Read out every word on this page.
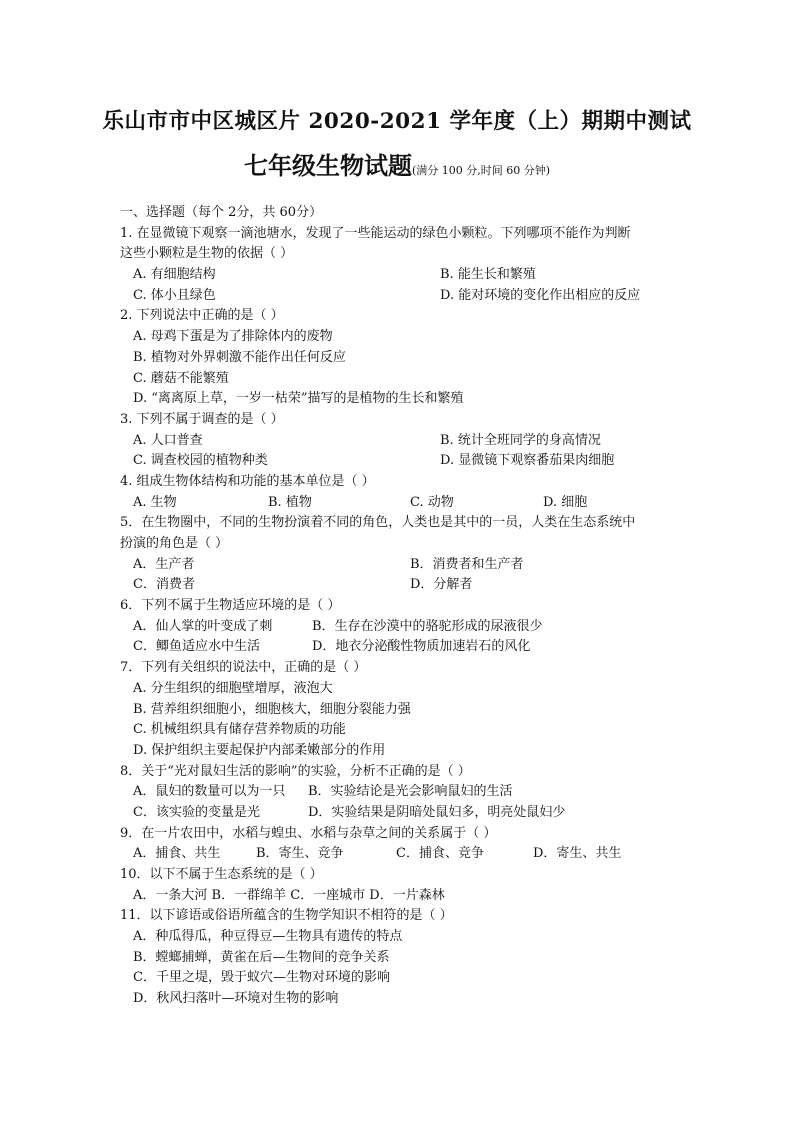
乐山市市中区城区片 2020-2021 学年度（上）期期中测试
七年级生物试题(满分 100 分,时间 60 分钟)
一、选择题（每个 2分，共 60分）
1. 在显微镜下观察一滴池塘水，发现了一些能运动的绿色小颗粒。下列哪项不能作为判断
这些小颗粒是生物的依据（ ）
A. 有细胞结构	B. 能生长和繁殖
C. 体小且绿色	D. 能对环境的变化作出相应的反应
2. 下列说法中正确的是（ ）
A. 母鸡下蛋是为了排除体内的废物
B. 植物对外界刺激不能作出任何反应
C. 蘑菇不能繁殖
D. “离离原上草，一岁一枯荣”描写的是植物的生长和繁殖
3. 下列不属于调查的是（ ）
A. 人口普查	B. 统计全班同学的身高情况
C. 调查校园的植物种类	D. 显微镜下观察番茄果肉细胞
4. 组成生物体结构和功能的基本单位是（ ）
A. 生物	B. 植物	C. 动物	D. 细胞
5．在生物圈中，不同的生物扮演着不同的角色，人类也是其中的一员，人类在生态系统中
扮演的角色是（ ）
A．生产者	B．消费者和生产者
C．消费者	D．分解者
6．下列不属于生物适应环境的是（ ）
A．仙人掌的叶变成了刺	B．生存在沙漠中的骆驼形成的尿液很少
C．鲫鱼适应水中生活	D．地衣分泌酸性物质加速岩石的风化
7．下列有关组织的说法中，正确的是（ ）
A. 分生组织的细胞壁增厚，液泡大
B. 营养组织细胞小，细胞核大，细胞分裂能力强
C. 机械组织具有储存营养物质的功能
D. 保护组织主要起保护内部柔嫩部分的作用
8．关于“光对鼠妇生活的影响”的实验，分析不正确的是（ ）
A．鼠妇的数量可以为一只 B．实验结论是光会影响鼠妇的生活
C．该实验的变量是光	D．实验结果是阴暗处鼠妇多，明亮处鼠妇少
9．在一片农田中，水稻与蝗虫、水稻与杂草之间的关系属于（ ）
A．捕食、共生	B．寄生、竞争	C．捕食、竞争	D．寄生、共生
10．以下不属于生态系统的是（ ）
A．一条大河 B．一群绵羊 C．一座城市 D．一片森林
11．以下谚语或俗语所蕴含的生物学知识不相符的是（ ）
A．种瓜得瓜，种豆得豆—生物具有遗传的特点
B．螳螂捕蝉，黄雀在后—生物间的竞争关系
C．千里之堤，毁于蚁穴—生物对环境的影响
D．秋风扫落叶—环境对生物的影响
